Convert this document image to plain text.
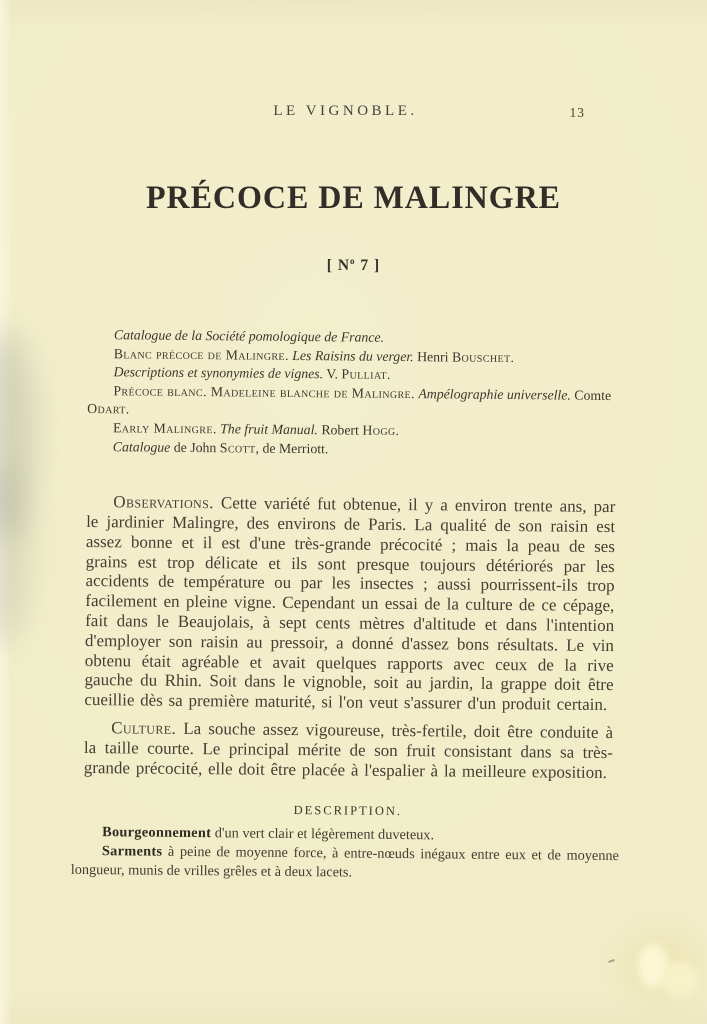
LE VIGNOBLE.	13
PRÉCOCE DE MALINGRE
[ $N^o$ 7 ]
Catalogue de la Société pomologique de France.
Blanc précoce de Malingre. Les Raisins du verger. Henri Bouschet.
Descriptions et synonymies de vignes. V. Pulliat.
Précoce blanc. Madeleine blanche de Malingre. Ampélographie universelle. Comte Odart.
Early Malingre. The fruit Manual. Robert Hogg.
Catalogue de John Scott, de Merriott.

Observations. Cette variété fut obtenue, il y a environ trente ans, par le jardinier Malingre, des environs de Paris. La qualité de son raisin est assez bonne et il est d'une très-grande précocité ; mais la peau de ses grains est trop délicate et ils sont presque toujours détériorés par les accidents de température ou par les insectes ; aussi pourrissent-ils trop facilement en pleine vigne. Cependant un essai de la culture de ce cépage, fait dans le Beaujolais, à sept cents mètres d'altitude et dans l'intention d'employer son raisin au pressoir, a donné d'assez bons résultats. Le vin obtenu était agréable et avait quelques rapports avec ceux de la rive gauche du Rhin. Soit dans le vignoble, soit au jardin, la grappe doit être cueillie dès sa première maturité, si l'on veut s'assurer d'un produit certain.

Culture. La souche assez vigoureuse, très-fertile, doit être conduite à la taille courte. Le principal mérite de son fruit consistant dans sa très-grande précocité, elle doit être placée à l'espalier à la meilleure exposition.

DESCRIPTION.

Bourgeonnement d'un vert clair et légèrement duveteux.

Sarments à peine de moyenne force, à entre-nœuds inégaux entre eux et de moyenne longueur, munis de vrilles grêles et à deux lacets.
